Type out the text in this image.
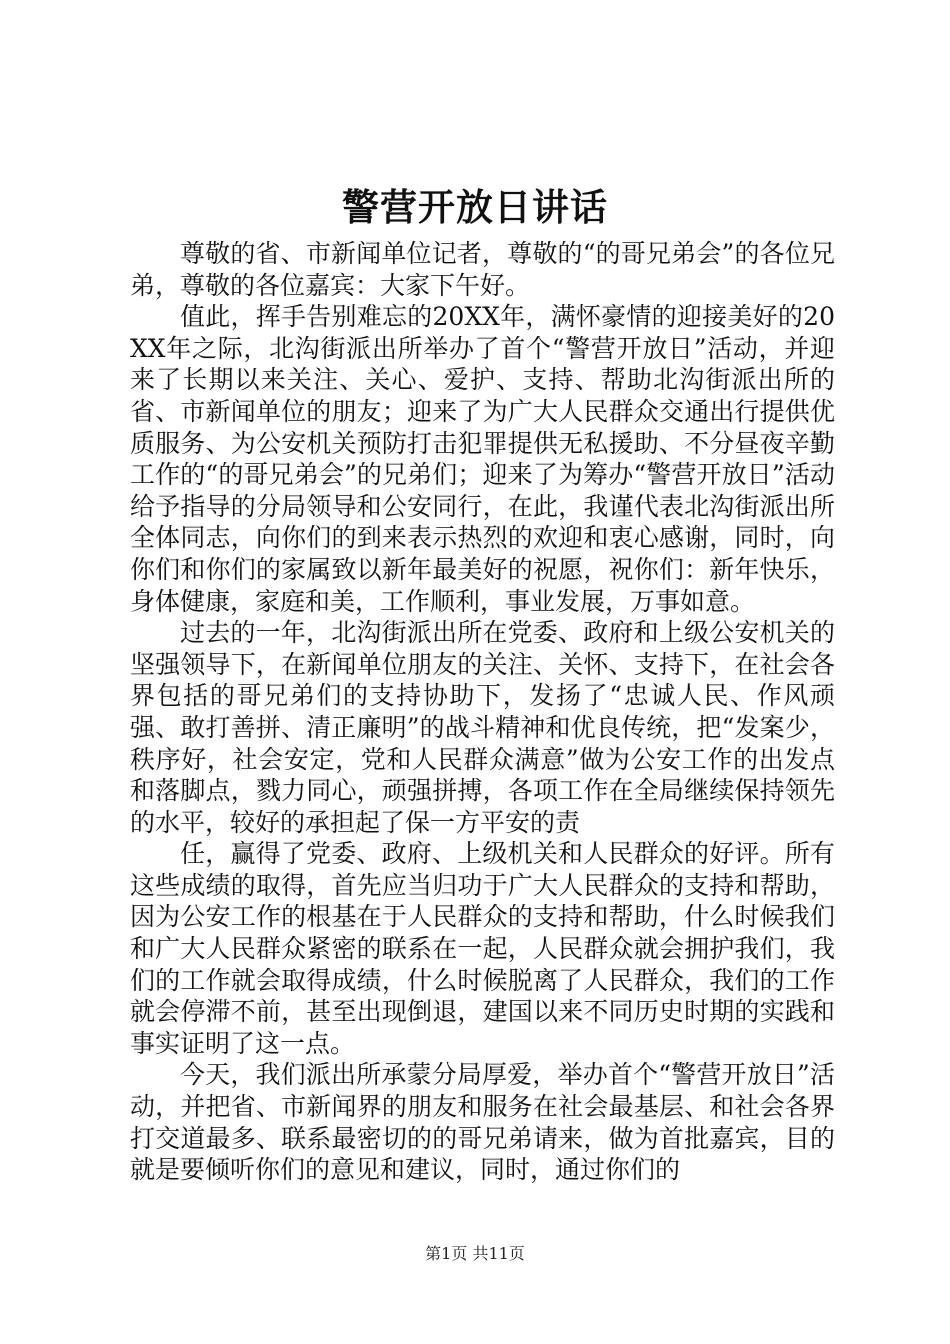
警营开放日讲话

尊敬的省、市新闻单位记者，尊敬的“的哥兄弟会”的各位兄弟，尊敬的各位嘉宾：大家下午好。

值此，挥手告别难忘的20XX年，满怀豪情的迎接美好的20XX年之际，北沟街派出所举办了首个“警营开放日”活动，并迎来了长期以来关注、关心、爱护、支持、帮助北沟街派出所的省、市新闻单位的朋友；迎来了为广大人民群众交通出行提供优质服务、为公安机关预防打击犯罪提供无私援助、不分昼夜辛勤工作的“的哥兄弟会”的兄弟们；迎来了为筹办“警营开放日”活动给予指导的分局领导和公安同行，在此，我谨代表北沟街派出所全体同志，向你们的到来表示热烈的欢迎和衷心感谢，同时，向你们和你们的家属致以新年最美好的祝愿，祝你们：新年快乐，身体健康，家庭和美，工作顺利，事业发展，万事如意。

过去的一年，北沟街派出所在党委、政府和上级公安机关的坚强领导下，在新闻单位朋友的关注、关怀、支持下，在社会各界包括的哥兄弟们的支持协助下，发扬了“忠诚人民、作风顽强、敢打善拼、清正廉明”的战斗精神和优良传统，把“发案少，秩序好，社会安定，党和人民群众满意”做为公安工作的出发点和落脚点，戮力同心，顽强拼搏，各项工作在全局继续保持领先的水平，较好的承担起了保一方平安的责

任，赢得了党委、政府、上级机关和人民群众的好评。所有这些成绩的取得，首先应当归功于广大人民群众的支持和帮助，因为公安工作的根基在于人民群众的支持和帮助，什么时候我们和广大人民群众紧密的联系在一起，人民群众就会拥护我们，我们的工作就会取得成绩，什么时候脱离了人民群众，我们的工作就会停滞不前，甚至出现倒退，建国以来不同历史时期的实践和事实证明了这一点。

今天，我们派出所承蒙分局厚爱，举办首个“警营开放日”活动，并把省、市新闻界的朋友和服务在社会最基层、和社会各界打交道最多、联系最密切的的哥兄弟请来，做为首批嘉宾，目的就是要倾听你们的意见和建议，同时，通过你们的

第1页 共11页
